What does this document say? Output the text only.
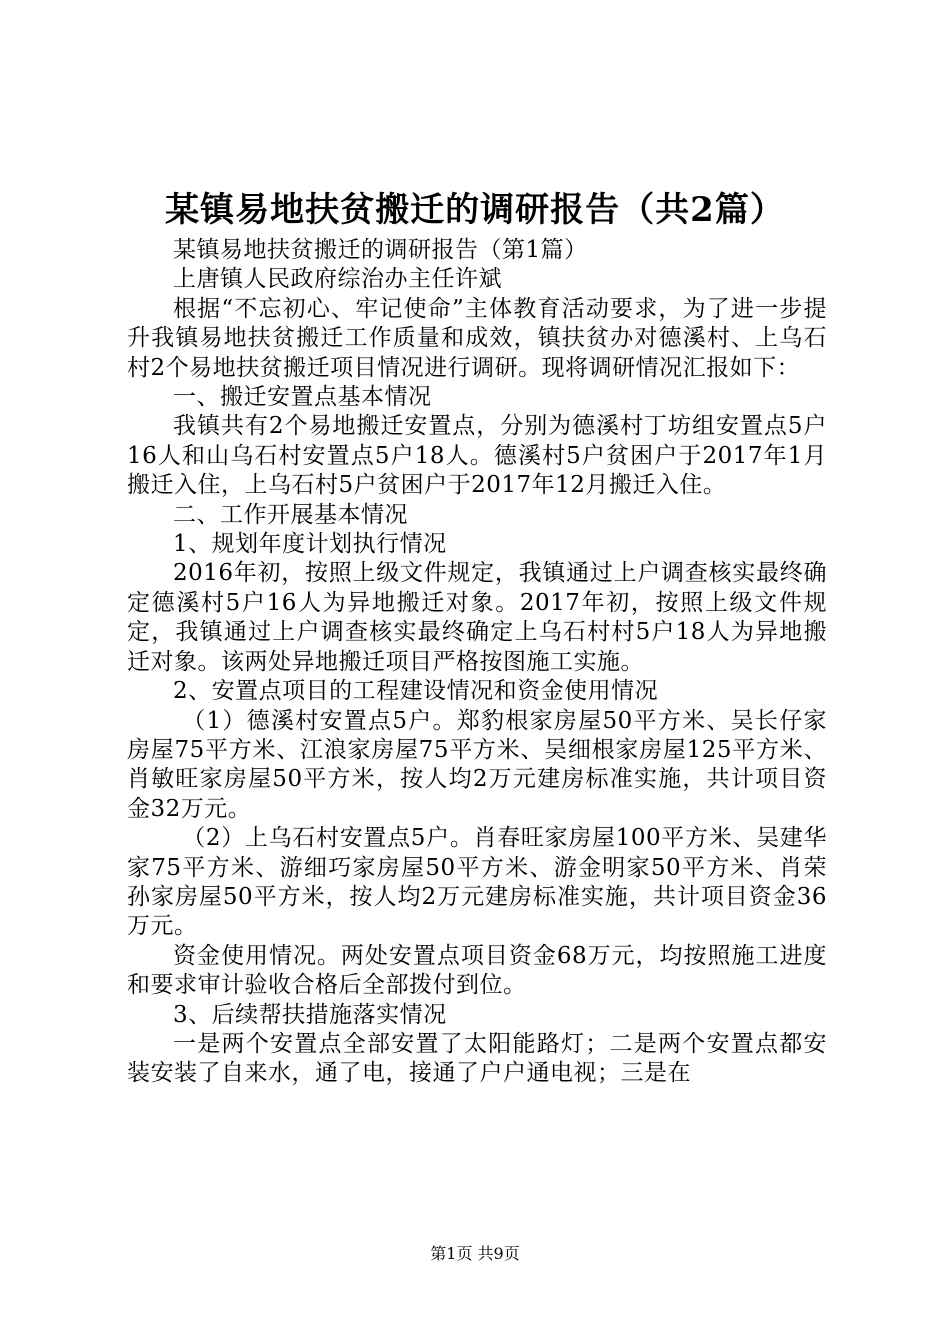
某镇易地扶贫搬迁的调研报告（共2篇）

某镇易地扶贫搬迁的调研报告（第1篇）

上唐镇人民政府综治办主任许斌

根据“不忘初心、牢记使命”主体教育活动要求，为了进一步提升我镇易地扶贫搬迁工作质量和成效，镇扶贫办对德溪村、上乌石村2个易地扶贫搬迁项目情况进行调研。现将调研情况汇报如下：

一、搬迁安置点基本情况

我镇共有2个易地搬迁安置点，分别为德溪村丁坊组安置点5户16人和山乌石村安置点5户18人。德溪村5户贫困户于2017年1月搬迁入住，上乌石村5户贫困户于2017年12月搬迁入住。

二、工作开展基本情况

1、规划年度计划执行情况

2016年初，按照上级文件规定，我镇通过上户调查核实最终确定德溪村5户16人为异地搬迁对象。2017年初，按照上级文件规定，我镇通过上户调查核实最终确定上乌石村村5户18人为异地搬迁对象。该两处异地搬迁项目严格按图施工实施。

2、安置点项目的工程建设情况和资金使用情况

（1）德溪村安置点5户。郑豹根家房屋50平方米、吴长仔家房屋75平方米、江浪家房屋75平方米、吴细根家房屋125平方米、肖敏旺家房屋50平方米，按人均2万元建房标准实施，共计项目资金32万元。

（2）上乌石村安置点5户。肖春旺家房屋100平方米、吴建华家75平方米、游细巧家房屋50平方米、游金明家50平方米、肖荣孙家房屋50平方米，按人均2万元建房标准实施，共计项目资金36万元。

资金使用情况。两处安置点项目资金68万元，均按照施工进度和要求审计验收合格后全部拨付到位。

3、后续帮扶措施落实情况

一是两个安置点全部安置了太阳能路灯；二是两个安置点都安装安装了自来水，通了电，接通了户户通电视；三是在

第1页 共9页
